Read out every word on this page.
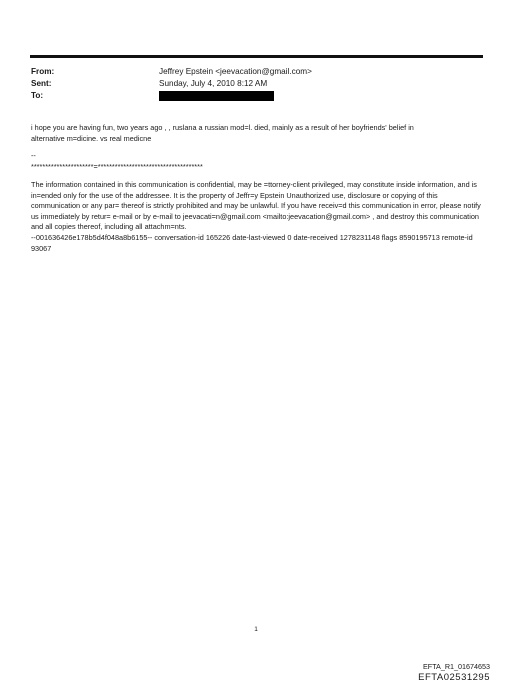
From:	Jeffrey Epstein <jeevacation@gmail.com>
Sent:	Sunday, July 4, 2010 8:12 AM
To:

i hope you are having fun, two years ago , , ruslana a russian mod=l. died, mainly as a result of her boyfriends' belief in

alternative m=dicine. vs real medicne

--

**********************=*************************************

The information contained in this communication is confidential, may be =ttorney-client privileged, may constitute inside information, and is in=ended only for the use of the addressee. It is the property of Jeffr=y Epstein Unauthorized use, disclosure or copying of this communication or any par= thereof is strictly prohibited and may be unlawful. If you have receiv=d this communication in error, please notify us immediately by retur= e-mail or by e-mail to jeevacati=n@gmail.com <mailto:jeevacation@gmail.com> , and destroy this communication and all copies thereof, including all attachm=nts.

--001636426e178b5d4f048a8b6155-- conversation-id 165226 date-last-viewed 0 date-received 1278231148 flags 8590195713 remote-id 93067

1
EFTA_R1_01674653
EFTA02531295
